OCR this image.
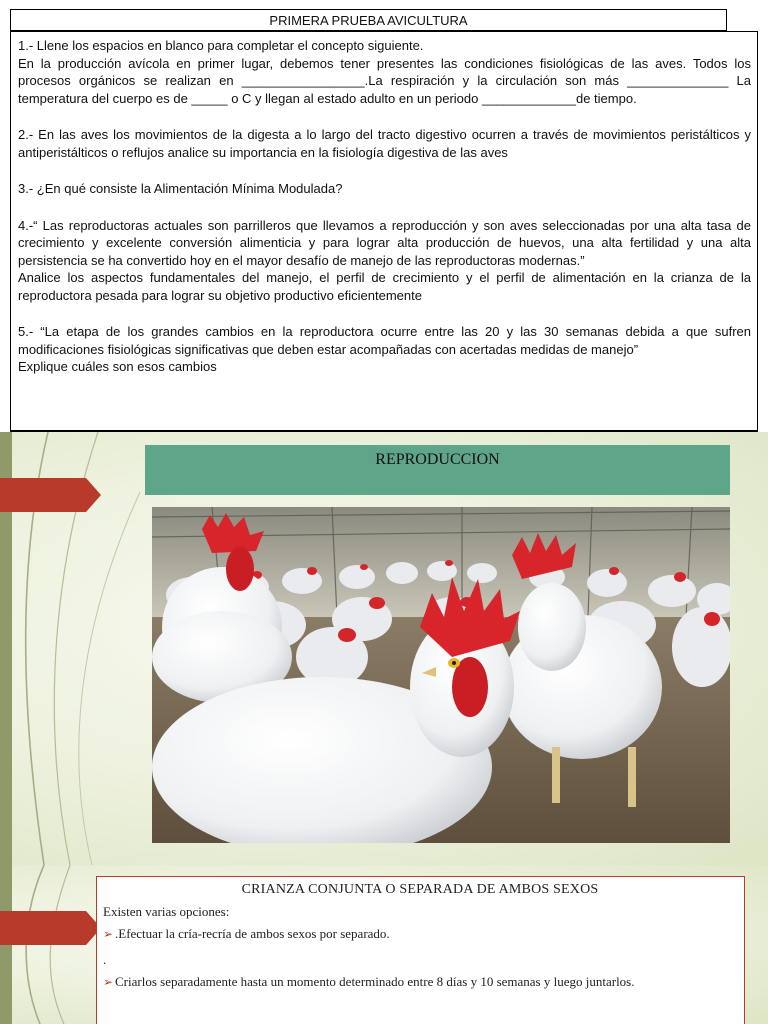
PRIMERA PRUEBA AVICULTURA

1.- Llene los espacios en blanco para completar el concepto siguiente.

En la producción avícola en primer lugar, debemos tener presentes las condiciones fisiológicas de las aves. Todos los procesos orgánicos se realizan en _________________.La respiración y la circulación son más ______________ La temperatura del cuerpo es de _____ o C y llegan al estado adulto en un periodo _____________de tiempo.

2.- En las aves los movimientos de la digesta a lo largo del tracto digestivo ocurren a través de movimientos peristálticos y antiperistálticos o reflujos analice su importancia en la fisiología digestiva de las aves

3.- ¿En qué consiste la Alimentación Mínima Modulada?

4.-“ Las reproductoras actuales son parrilleros que llevamos a reproducción y son aves seleccionadas por una alta tasa de crecimiento y excelente conversión alimenticia y para lograr alta producción de huevos, una alta fertilidad y una alta persistencia se ha convertido hoy en el mayor desafío de manejo de las reproductoras modernas.”

Analice los aspectos fundamentales del manejo, el perfil de crecimiento y el perfil de alimentación en la crianza de la reproductora pesada para lograr su objetivo productivo eficientemente

5.- “La etapa de los grandes cambios en la reproductora ocurre entre las 20 y las 30 semanas debida a que sufren modificaciones fisiológicas significativas que deben estar acompañadas con acertadas medidas de manejo”

Explique cuáles son esos cambios

REPRODUCCION

CRIANZA CONJUNTA O SEPARADA DE AMBOS SEXOS

Existen varias opciones:

➢ .Efectuar la cría-recría de ambos sexos por separado.
.
➢ Criarlos separadamente hasta un momento determinado entre 8 días y 10 semanas y luego juntarlos.
